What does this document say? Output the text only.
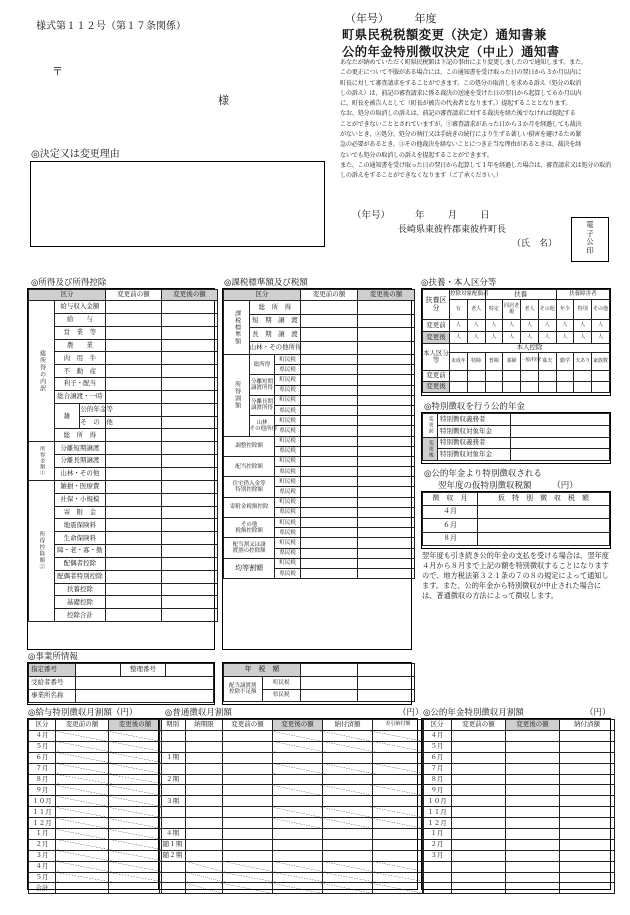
様式第１１２号（第１７条関係）
〒
様
◎決定又は変更理由
（年号） 年度
町県民税税額変更（決定）通知書兼
公的年金特別徴収決定（中止）通知書
あなたが納めていただく町県民税額は下記の事由により変更しましたので通知します。また、
この更正について不服がある場合には、この通知書を受け取った日の翌日から３か月以内に
町長に対して審査請求をすることができます。この処分の取消しを求める訴え（処分の取消
しの訴え）は、前記の審査請求に係る裁決の送達を受けた日の翌日から起算して６か月以内
に、町長を被告人として（町長が被告の代表者となります。）提起することとなります。
なお、処分の取消しの訴えは、前記の審査請求に対する裁決を経た後でなければ提起する
ことができないこととされていますが、①審査請求があった日から３か月を経過しても裁決
がないとき、②処分、処分の執行又は手続きの続行により生ずる著しい損害を避けるため緊
急の必要があるとき、③その他裁決を経ないことにつき正当な理由があるときは、裁決を経
ないでも処分の取消しの訴えを提起することができます。
また、この通知書を受け取った日の翌日から起算して１年を経過した場合は、審査請求又は処分の取消
しの訴えをすることができなくなります（ご了承ください。）
（年号）	年 月 日
長崎県東彼杵郡東彼杵町長
（氏　名）
電
子
公
印
◎所得及び所得控除	◎課税標準額及び税額	◎扶養・本人区分等
区分			変更前の額	変更後の額
総所得の内訳	給与収入金額			
	給　　与			
	営　業　等			
	農　　業			
	肉　用　牛			
	不　動　産			
	利子・配当			
	総合譲渡・一時			
	雑	公的年金等		
		そ　の　他		
	総　所　得			
所得金額①	分離短期譲渡			
	分離長期譲渡			
	山林・その他			
所得控除額②	雑損・医療費			
	社保・小規模			
	寄　附　金			
	地震保険料			
	生命保険料			
	障・老・寡・勤			
	配偶者控除			
	配偶者特別控除			
	扶養控除			
	基礎控除			
	控除合計			
区分			変更前の額	変更後の額
課税標準額	総　所　得			
	短　期　譲　渡			
	長　期　譲　渡			
	山林・その他所得			
所得割額	総所得	町民税		
		県民税		
	分離短期
譲渡所得	町民税		
		県民税		
	分離長期
譲渡所得	町民税		
		県民税		
	山林
その他所得	町民税		
		県民税		
調整控除額		町民税		
		県民税		
配当控除額		町民税		
		県民税		
住宅借入金等
特別控除額		町民税		
		県民税		
寄附金税額控除		町民税		
		県民税		
その他
税額控除額		町民税		
		県民税		
配当割又は譲
渡割の控除額		町民税		
		県民税		
均等割額		町民税		
		県民税		
年　税　額			
配当譲渡割
控除不足額	町民税		
	県民税		
扶養区分	控除対象配偶者		扶養				扶養障害者		
	有	老人	特定	同居老親	老人	その他	年少	特別	その他
変更前	人	人	人	人	人	人	人	人	人
変更後	人	人	人	人	人	人	人	人	人
本人区分等	本人控除								
	未成年	特障	普障	寡婦	一般/特別	寡夫	勤学	夫あり	家族数
変更前									
変更後									
◎特別徴収を行う公的年金
変更前	特別徴収義務者	
	特別徴収対象年金	
変更後	特別徴収義務者	
	特別徴収対象年金	
◎公的年金より特別徴収される
翌年度の仮特別徴収税額 （円）
徴　収　月	仮　特　別　徴　収　税　額
４月	
６月	
８月	
翌年度も引き続き公的年金の支払を受ける場合は、翌年度４月から８月まで上記の額を特別徴収することになりますので、地方税法第３２１条の７の８の規定によって通知します。また、公的年金から特別徴収が中止された場合には、普通徴収の方法によって徴収します。
◎事業所情報
指定番号		整理番号	
受給者番号			
事業所名称			
◎給与特別徴収月割額（円）	◎普通徴収月割額	（円） ◎公的年金特別徴収月割額	（円）
区分	変更前の額	変更後の額
４月		
５月		
６月		
７月		
８月		
９月		
１０月		
１１月		
１２月		
１月		
２月		
３月		
４月		
５月		
合計		
期別	納期限	変更前の額	変更後の額	納付済額	差引納付額

１期					

２期					

３期					

４期					
随１期					
随２期					

区分	変更前の額	変更後の額	納付済額
４月			
５月			
６月			
７月			
８月			
９月			
１０月			
１１月			
１２月			
１月			
２月			
３月			
